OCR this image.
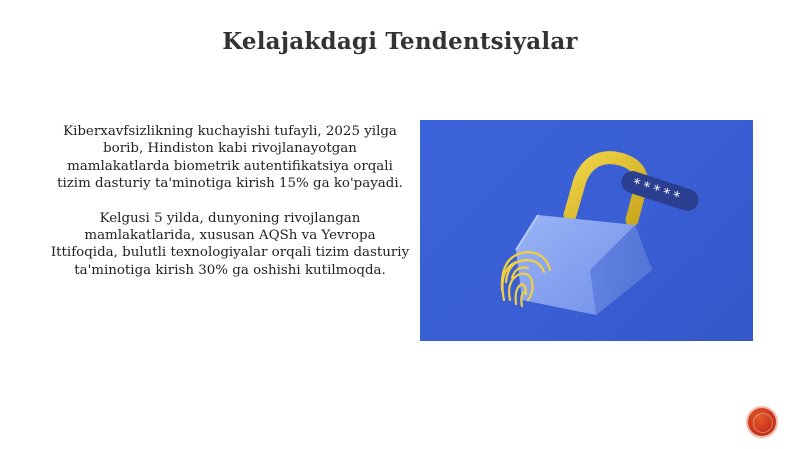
Kelajakdagi Tendentsiyalar

Kiberxavfsizlikning kuchayishi tufayli, 2025 yilga borib, Hindiston kabi rivojlanayotgan mamlakatlarda biometrik autentifikatsiya orqali tizim dasturiy ta'minotiga kirish 15% ga ko'payadi.

Kelgusi 5 yilda, dunyoning rivojlangan mamlakatlarida, xususan AQSh va Yevropa Ittifoqida, bulutli texnologiyalar orqali tizim dasturiy ta'minotiga kirish 30% ga oshishi kutilmoqda.

*****
